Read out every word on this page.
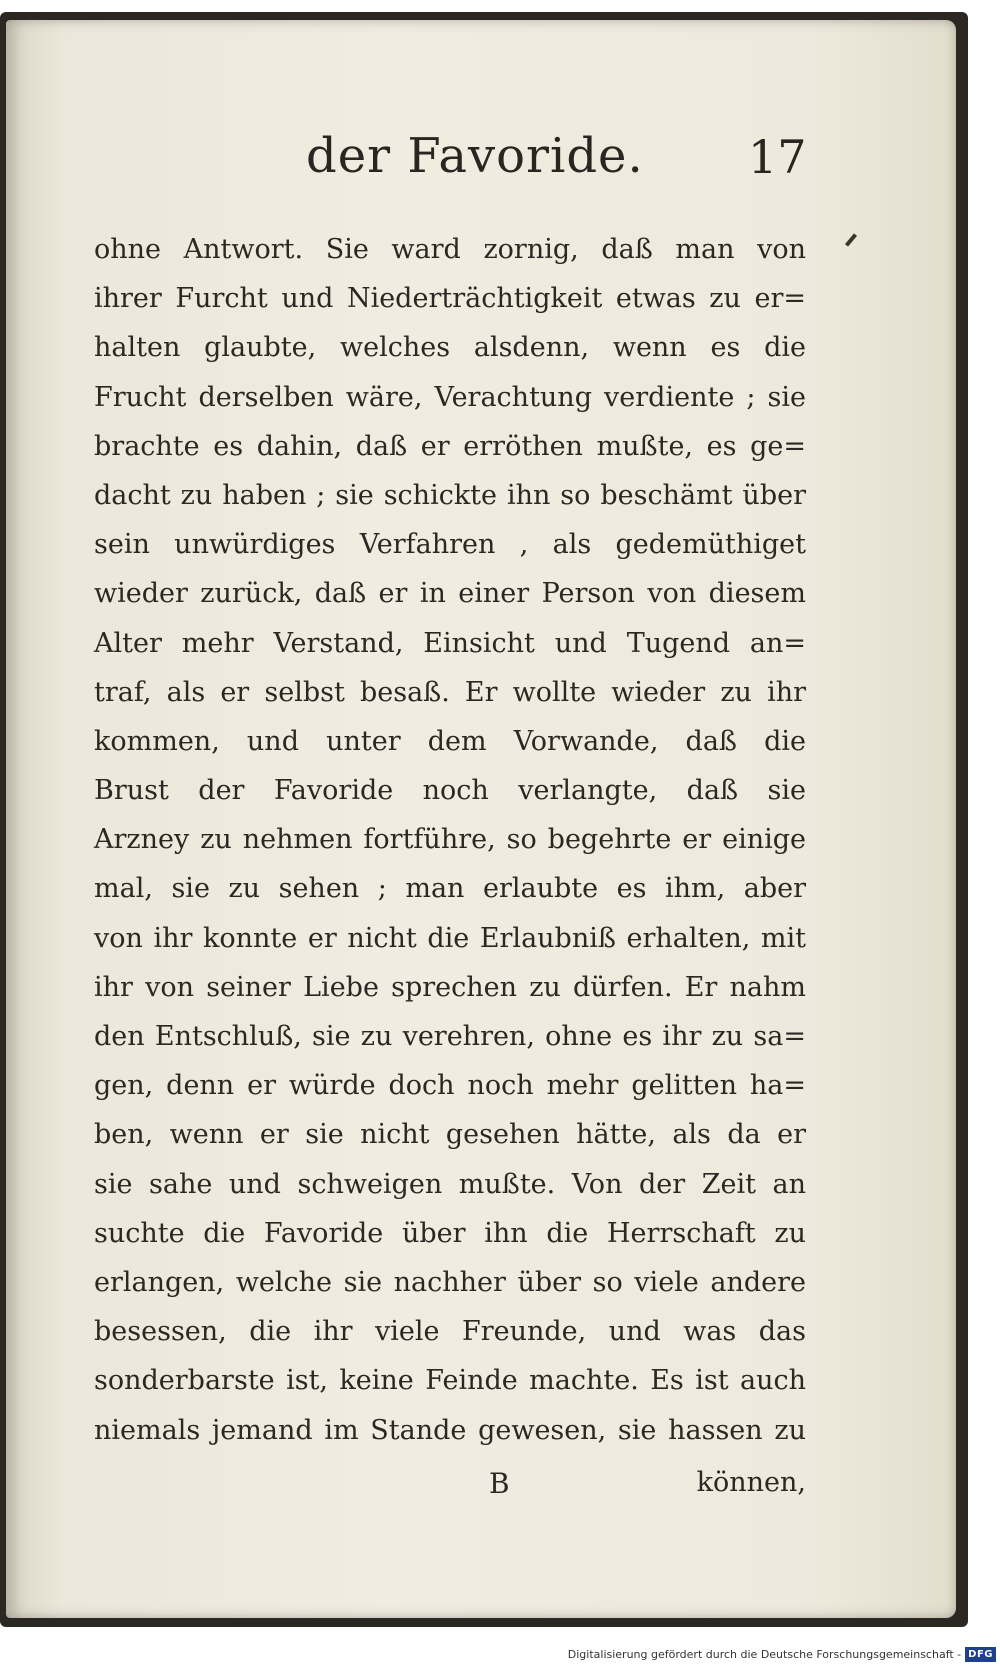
der Favoride. 17
ohne Antwort. Sie ward zornig, daß man von
ihrer Furcht und Niederträchtigkeit etwas zu er=
halten glaubte, welches alsdenn, wenn es die
Frucht derselben wäre, Verachtung verdiente ; sie
brachte es dahin, daß er erröthen mußte, es ge=
dacht zu haben ; sie schickte ihn so beschämt über
sein unwürdiges Verfahren , als gedemüthiget
wieder zurück, daß er in einer Person von diesem
Alter mehr Verstand, Einsicht und Tugend an=
traf, als er selbst besaß. Er wollte wieder zu ihr
kommen, und unter dem Vorwande, daß die
Brust der Favoride noch verlangte, daß sie
Arzney zu nehmen fortführe, so begehrte er einige
mal, sie zu sehen ; man erlaubte es ihm, aber
von ihr konnte er nicht die Erlaubniß erhalten, mit
ihr von seiner Liebe sprechen zu dürfen. Er nahm
den Entschluß, sie zu verehren, ohne es ihr zu sa=
gen, denn er würde doch noch mehr gelitten ha=
ben, wenn er sie nicht gesehen hätte, als da er
sie sahe und schweigen mußte. Von der Zeit an
suchte die Favoride über ihn die Herrschaft zu
erlangen, welche sie nachher über so viele andere
besessen, die ihr viele Freunde, und was das
sonderbarste ist, keine Feinde machte. Es ist auch
niemals jemand im Stande gewesen, sie hassen zu
B	können,
Digitalisierung gefördert durch die Deutsche Forschungsgemeinschaft - DFG
